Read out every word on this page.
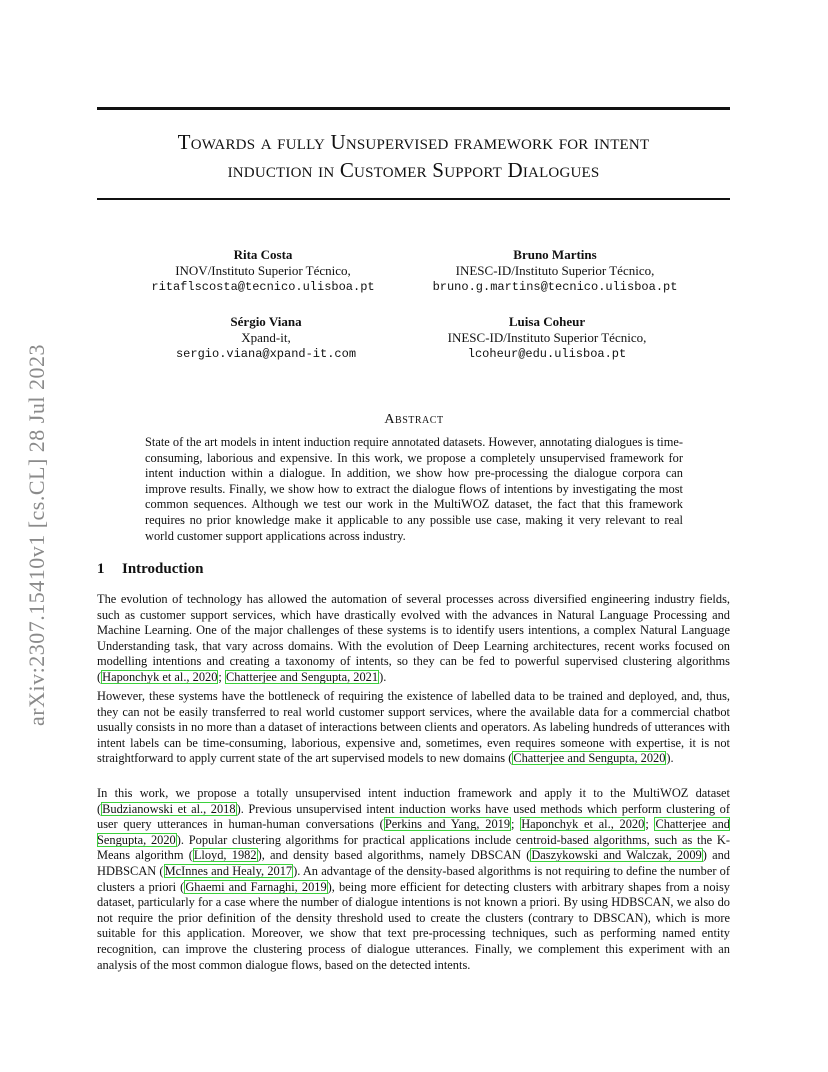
Towards a fully Unsupervised framework for intent
induction in Customer Support Dialogues
arXiv:2307.15410v1 [cs.CL] 28 Jul 2023
Rita Costa
INOV/Instituto Superior Técnico,
ritaflscosta@tecnico.ulisboa.pt
Bruno Martins
INESC-ID/Instituto Superior Técnico,
bruno.g.martins@tecnico.ulisboa.pt
Sérgio Viana
Xpand-it,
sergio.viana@xpand-it.com
Luisa Coheur
INESC-ID/Instituto Superior Técnico,
lcoheur@edu.ulisboa.pt
Abstract
State of the art models in intent induction require annotated datasets. However, annotating dialogues is time-consuming, laborious and expensive. In this work, we propose a completely unsupervised framework for intent induction within a dialogue. In addition, we show how pre-processing the dialogue corpora can improve results. Finally, we show how to extract the dialogue flows of intentions by investigating the most common sequences. Although we test our work in the MultiWOZ dataset, the fact that this framework requires no prior knowledge make it applicable to any possible use case, making it very relevant to real world customer support applications across industry.
1 Introduction
The evolution of technology has allowed the automation of several processes across diversified engineering industry fields, such as customer support services, which have drastically evolved with the advances in Natural Language Processing and Machine Learning. One of the major challenges of these systems is to identify users intentions, a complex Natural Language Understanding task, that vary across domains. With the evolution of Deep Learning architectures, recent works focused on modelling intentions and creating a taxonomy of intents, so they can be fed to powerful supervised clustering algorithms (Haponchyk et al., 2020; Chatterjee and Sengupta, 2021).
However, these systems have the bottleneck of requiring the existence of labelled data to be trained and deployed, and, thus, they can not be easily transferred to real world customer support services, where the available data for a commercial chatbot usually consists in no more than a dataset of interactions between clients and operators. As labeling hundreds of utterances with intent labels can be time-consuming, laborious, expensive and, sometimes, even requires someone with expertise, it is not straightforward to apply current state of the art supervised models to new domains (Chatterjee and Sengupta, 2020).
In this work, we propose a totally unsupervised intent induction framework and apply it to the MultiWOZ dataset (Budzianowski et al., 2018). Previous unsupervised intent induction works have used methods which perform clustering of user query utterances in human-human conversations (Perkins and Yang, 2019; Haponchyk et al., 2020; Chatterjee and Sengupta, 2020). Popular clustering algorithms for practical applications include centroid-based algorithms, such as the K-Means algorithm (Lloyd, 1982), and density based algorithms, namely DBSCAN (Daszykowski and Walczak, 2009) and HDBSCAN (McInnes and Healy, 2017). An advantage of the density-based algorithms is not requiring to define the number of clusters a priori (Ghaemi and Farnaghi, 2019), being more efficient for detecting clusters with arbitrary shapes from a noisy dataset, particularly for a case where the number of dialogue intentions is not known a priori. By using HDBSCAN, we also do not require the prior definition of the density threshold used to create the clusters (contrary to DBSCAN), which is more suitable for this application. Moreover, we show that text pre-processing techniques, such as performing named entity recognition, can improve the clustering process of dialogue utterances. Finally, we complement this experiment with an analysis of the most common dialogue flows, based on the detected intents.
